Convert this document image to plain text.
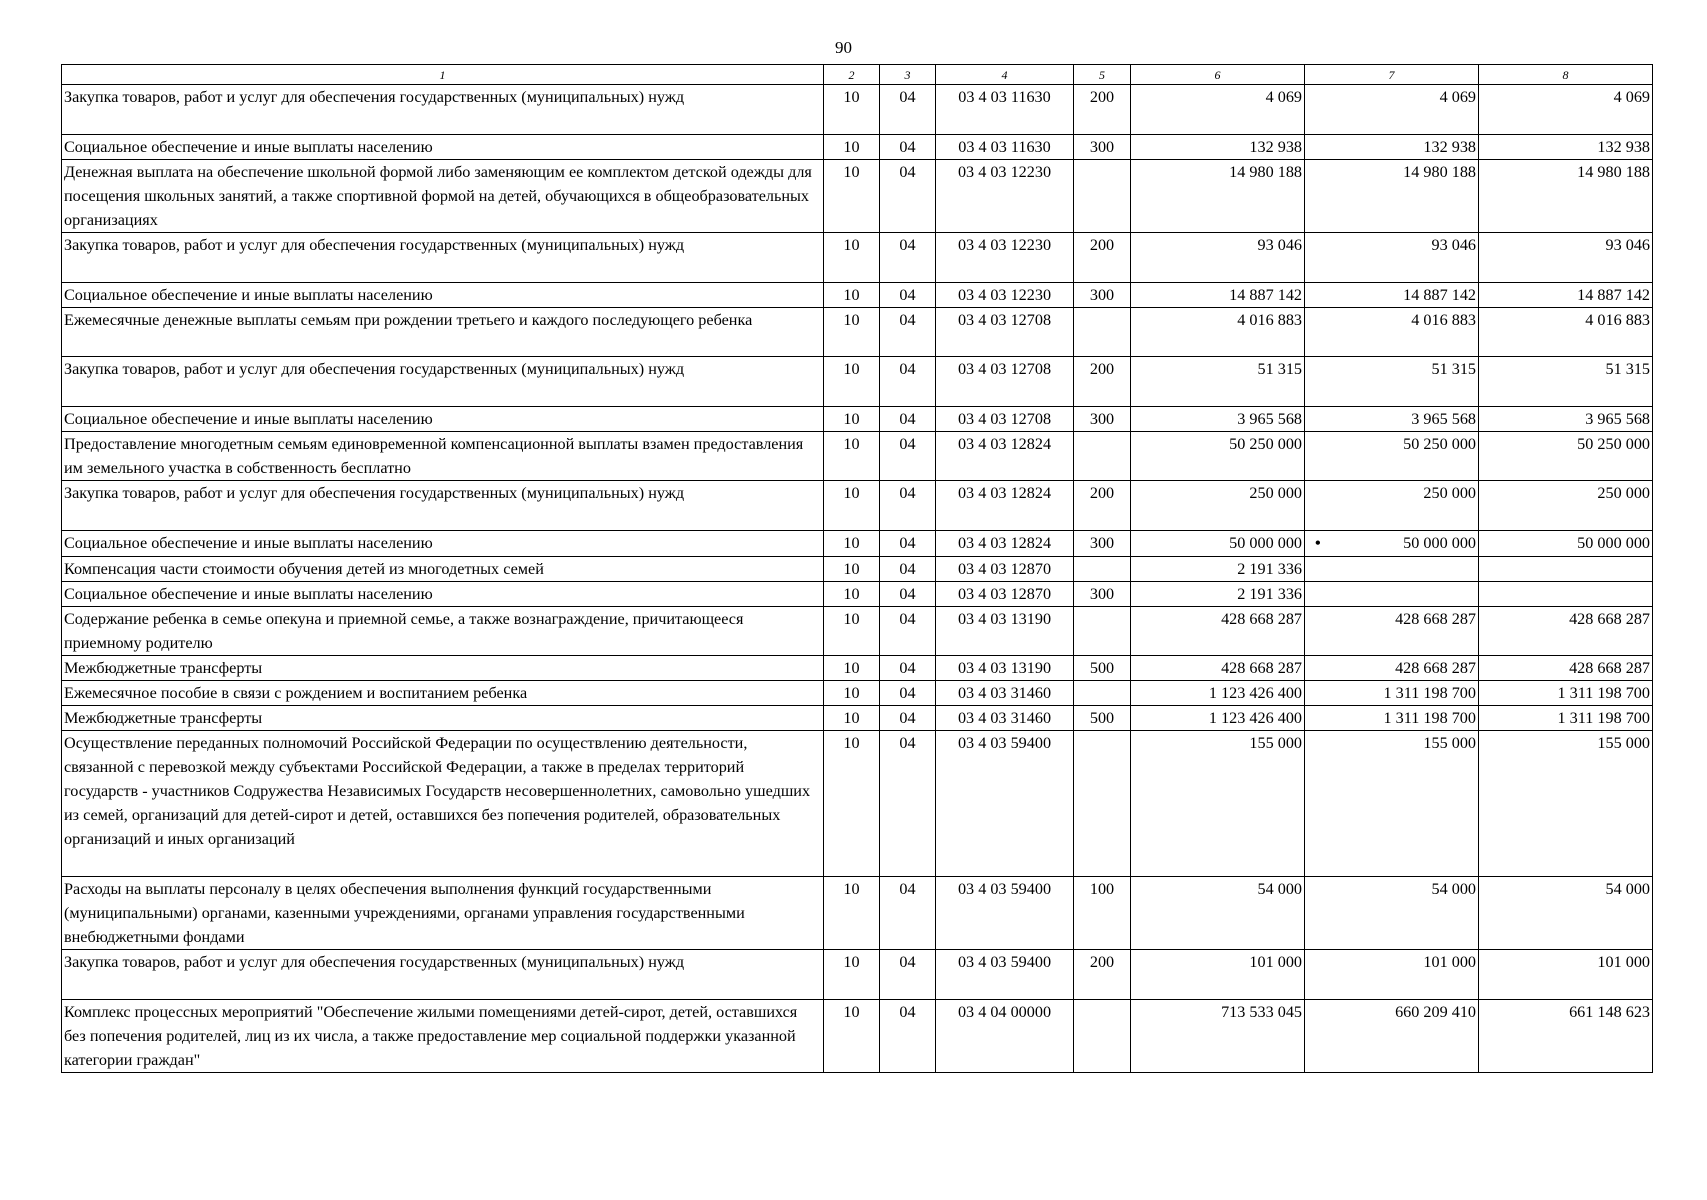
90
1	2	3	4	5	6	7	8
Закупка товаров, работ и услуг для обеспечения государственных (муниципальных) нужд	10	04	03 4 03 11630	200	4 069	4 069	4 069
Социальное обеспечение и иные выплаты населению	10	04	03 4 03 11630	300	132 938	132 938	132 938
Денежная выплата на обеспечение школьной формой либо заменяющим ее комплектом детской одежды для посещения школьных занятий, а также спортивной формой на детей, обучающихся в общеобразовательных организациях	10	04	03 4 03 12230		14 980 188	14 980 188	14 980 188
Закупка товаров, работ и услуг для обеспечения государственных (муниципальных) нужд	10	04	03 4 03 12230	200	93 046	93 046	93 046
Социальное обеспечение и иные выплаты населению	10	04	03 4 03 12230	300	14 887 142	14 887 142	14 887 142
Ежемесячные денежные выплаты семьям при рождении третьего и каждого последующего ребенка	10	04	03 4 03 12708		4 016 883	4 016 883	4 016 883
Закупка товаров, работ и услуг для обеспечения государственных (муниципальных) нужд	10	04	03 4 03 12708	200	51 315	51 315	51 315
Социальное обеспечение и иные выплаты населению	10	04	03 4 03 12708	300	3 965 568	3 965 568	3 965 568
Предоставление многодетным семьям единовременной компенсационной выплаты взамен предоставления им земельного участка в собственность бесплатно	10	04	03 4 03 12824		50 250 000	50 250 000	50 250 000
Закупка товаров, работ и услуг для обеспечения государственных (муниципальных) нужд	10	04	03 4 03 12824	200	250 000	250 000	250 000
Социальное обеспечение и иные выплаты населению	10	04	03 4 03 12824	300	50 000 000	• 50 000 000	50 000 000
Компенсация части стоимости обучения детей из многодетных семей	10	04	03 4 03 12870		2 191 336		
Социальное обеспечение и иные выплаты населению	10	04	03 4 03 12870	300	2 191 336		
Содержание ребенка в семье опекуна и приемной семье, а также вознаграждение, причитающееся приемному родителю	10	04	03 4 03 13190		428 668 287	428 668 287	428 668 287
Межбюджетные трансферты	10	04	03 4 03 13190	500	428 668 287	428 668 287	428 668 287
Ежемесячное пособие в связи с рождением и воспитанием ребенка	10	04	03 4 03 31460		1 123 426 400	1 311 198 700	1 311 198 700
Межбюджетные трансферты	10	04	03 4 03 31460	500	1 123 426 400	1 311 198 700	1 311 198 700
Осуществление переданных полномочий Российской Федерации по осуществлению деятельности, связанной с перевозкой между субъектами Российской Федерации, а также в пределах территорий государств - участников Содружества Независимых Государств несовершеннолетних, самовольно ушедших из семей, организаций для детей-сирот и детей, оставшихся без попечения родителей, образовательных организаций и иных организаций	10	04	03 4 03 59400		155 000	155 000	155 000
Расходы на выплаты персоналу в целях обеспечения выполнения функций государственными (муниципальными) органами, казенными учреждениями, органами управления государственными внебюджетными фондами	10	04	03 4 03 59400	100	54 000	54 000	54 000
Закупка товаров, работ и услуг для обеспечения государственных (муниципальных) нужд	10	04	03 4 03 59400	200	101 000	101 000	101 000
Комплекс процессных мероприятий "Обеспечение жилыми помещениями детей-сирот, детей, оставшихся без попечения родителей, лиц из их числа, а также предоставление мер социальной поддержки указанной категории граждан"	10	04	03 4 04 00000		713 533 045	660 209 410	661 148 623
